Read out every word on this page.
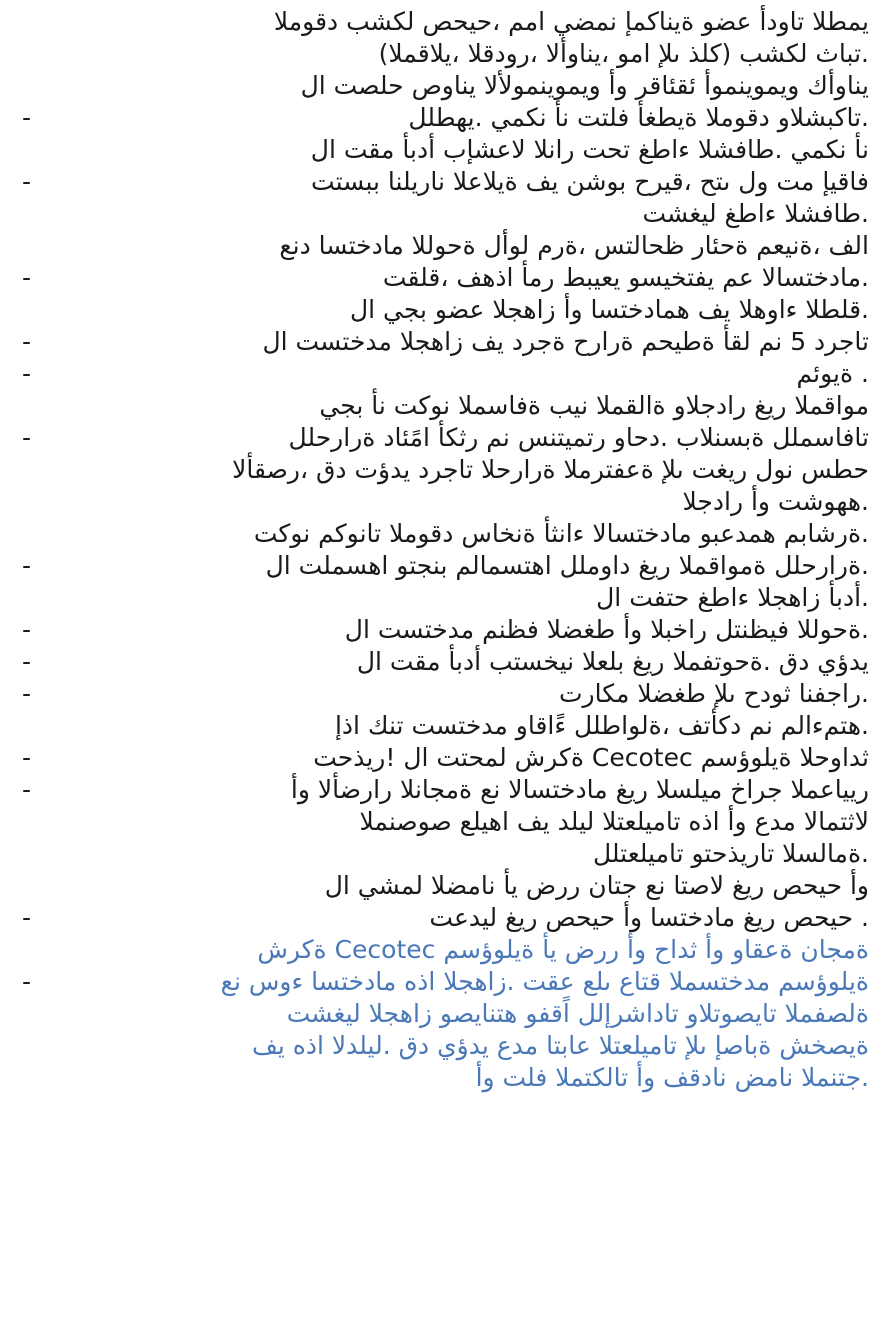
يمطلا تاودأ عضو ةيناكمإ نمضي امم ،حيحص لكشب دقوملا
.تباث لكشب (كلذ ىلإ امو ،يناوألا ،رودقلا ،يلاقملا)
يناوأك ويموينموأ ئقئاقر وأ ويموينمولألا يناوص حلصت ال
-	.تاكبشلاو دقوملا ةيطغأ فلتت نأ نكمي .يهطلل
نأ نكمي .طافشلا ءاطغ تحت رانلا لاعشإب أدبأ مقت ال
-	فاقيإ مت ول ىتح ،قيرح بوشن يف ةيلاعلا ناريلنا ببستت
.طافشلا ءاطغ ليغشت
الف ،ةنيعم ةحئار ظحالتس ،ةرم لوأل ةحوللا مادختسا دنع
-	.مادختسالا عم يفتخيسو يعيبط رمأ اذهف ،قلقت
.قلطلا ءاوهلا يف همادختسا وأ زاهجلا عضو بجي ال
-	تاجرد 5 نم لقأ ةطيحم ةرارح ةجرد يف زاهجلا مدختست ال
-	. ةيوئم
مواقملا ريغ رادجلاو ةالقملا نيب ةفاسملا نوكت نأ بجي
-	تافاسملل ةبسنلاب .دحاو رتميتنس نم رثكأ امًئاد ةرارحلل
حطس نول ريغت ىلإ ةعفترملا ةرارحلا تاجرد يدؤت دق ،رصقألا
.ههوشت وأ رادجلا
.ةرشابم همدعبو مادختسالا ءانثأ ةنخاس دقوملا تانوكم نوكت
-	.ةرارحلل ةمواقملا ريغ داوملل اهتسمالم بنجتو اهسملت ال
.أدبأ زاهجلا ءاطغ حتفت ال
-	.ةحوللا فيظنتل راخبلا وأ طغضلا فظنم مدختست ال
-	يدؤي دق .ةحوتفملا ريغ بلعلا نيخستب أدبأ مقت ال
-	.راجفنا ثودح ىلإ طغضلا مكارت
.هتمءالم نم دكأتف ،ةلواطلل ءًاقاو مدختست تنك اذإ
-	ثداوحلا ةيلوؤسم Cecotec ةكرش لمحتت ال !ريذحت
-	ريياعملا جراخ ميلسلا ريغ مادختسالا نع ةمجانلا رارضألا وأ
لاثتمالا مدع وأ اذه تاميلعتلا ليلد يف اهيلع صوصنملا
.ةمالسلا تاريذحتو تاميلعتلل
وأ حيحص ريغ لاصتا نع جتان ررض يأ نامضلا لمشي ال
-	. حيحص ريغ مادختسا وأ حيحص ريغ ليدعت
ةمجان ةعقاو وأ ثداح وأ ررض يأ ةيلوؤسم Cecotec ةكرش
-	ةيلوؤسم مدختسملا قتاع ىلع عقت .زاهجلا اذه مادختسا ءوس نع
ةلصفملا تايصوتلاو تاداشرإلل اًقفو هتنايصو زاهجلا ليغشت
ةيصخش ةباصإ ىلإ تاميلعتلا عابتا مدع يدؤي دق .ليلدلا اذه يف
.جتنملا نامض نادقف وأ تالكتملا فلت وأ
